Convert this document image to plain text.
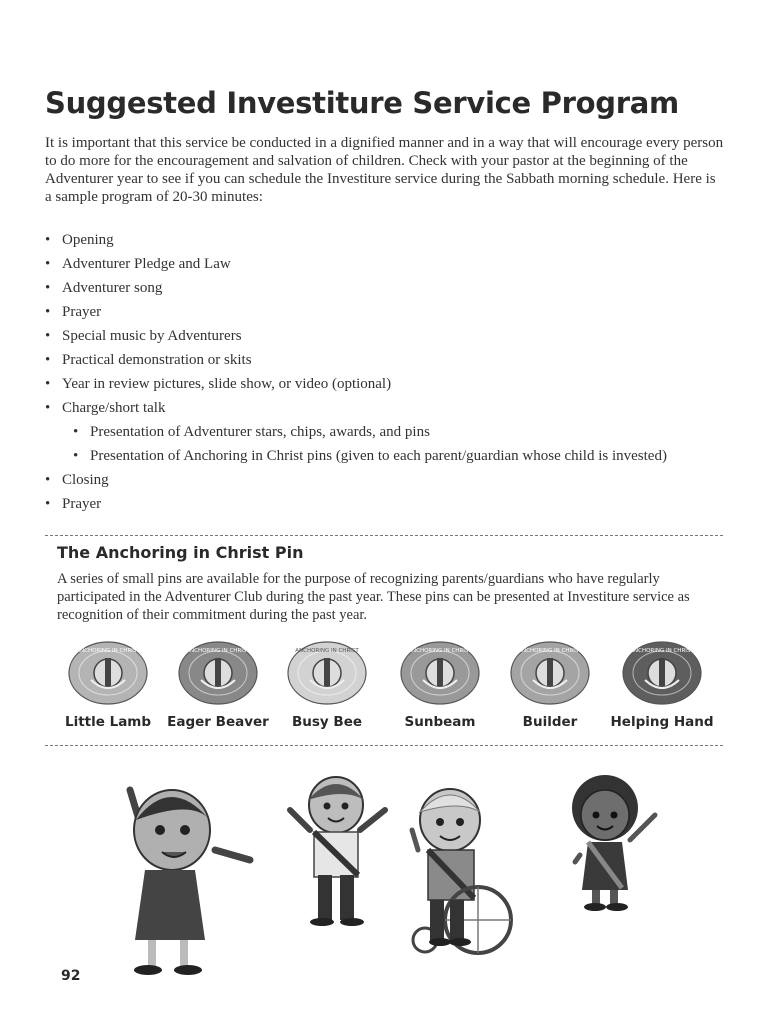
Suggested Investiture Service Program

It is important that this service be conducted in a dignified manner and in a way that will encourage every person to do more for the encouragement and salvation of children. Check with your pastor at the beginning of the Adventurer year to see if you can schedule the Investiture service during the Sabbath morning schedule. Here is a sample program of 20-30 minutes:

• Opening
• Adventurer Pledge and Law
• Adventurer song
• Prayer
• Special music by Adventurers
• Practical demonstration or skits
• Year in review pictures, slide show, or video (optional)
• Charge/short talk
• Presentation of Adventurer stars, chips, awards, and pins
• Presentation of Anchoring in Christ pins (given to each parent/guardian whose child is invested)
• Closing
• Prayer
The Anchoring in Christ Pin

A series of small pins are available for the purpose of recognizing parents/guardians who have regularly participated in the Adventurer Club during the past year. These pins can be presented at Investiture service as recognition of their commitment during the past year.

ANCHORING IN CHRIST
Little Lamb
ANCHORING IN CHRIST
Eager Beaver
ANCHORING IN CHRIST
Busy Bee
ANCHORING IN CHRIST
Sunbeam
ANCHORING IN CHRIST
Builder
ANCHORING IN CHRIST
Helping Hand

92
